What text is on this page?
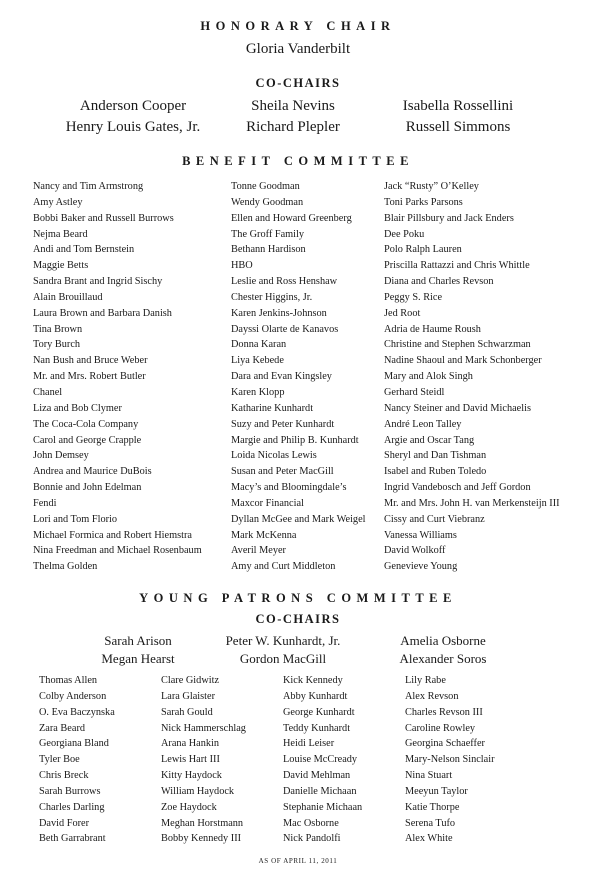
HONORARY CHAIR

Gloria Vanderbilt

CO-CHAIRS
Anderson Cooper	Sheila Nevins	Isabella Rossellini
Henry Louis Gates, Jr.	Richard Plepler	Russell Simmons
BENEFIT COMMITTEE
Nancy and Tim Armstrong
Amy Astley
Bobbi Baker and Russell Burrows
Nejma Beard
Andi and Tom Bernstein
Maggie Betts
Sandra Brant and Ingrid Sischy
Alain Brouillaud
Laura Brown and Barbara Danish
Tina Brown
Tory Burch
Nan Bush and Bruce Weber
Mr. and Mrs. Robert Butler
Chanel
Liza and Bob Clymer
The Coca-Cola Company
Carol and George Crapple
John Demsey
Andrea and Maurice DuBois
Bonnie and John Edelman
Fendi
Lori and Tom Florio
Michael Formica and Robert Hiemstra
Nina Freedman and Michael Rosenbaum
Thelma Golden
Tonne Goodman
Wendy Goodman
Ellen and Howard Greenberg
The Groff Family
Bethann Hardison
HBO
Leslie and Ross Henshaw
Chester Higgins, Jr.
Karen Jenkins-Johnson
Dayssi Olarte de Kanavos
Donna Karan
Liya Kebede
Dara and Evan Kingsley
Karen Klopp
Katharine Kunhardt
Suzy and Peter Kunhardt
Margie and Philip B. Kunhardt
Loida Nicolas Lewis
Susan and Peter MacGill
Macy’s and Bloomingdale’s
Maxcor Financial
Dyllan McGee and Mark Weigel
Mark McKenna
Averil Meyer
Amy and Curt Middleton
Jack “Rusty” O’Kelley
Toni Parks Parsons
Blair Pillsbury and Jack Enders
Dee Poku
Polo Ralph Lauren
Priscilla Rattazzi and Chris Whittle
Diana and Charles Revson
Peggy S. Rice
Jed Root
Adria de Haume Roush
Christine and Stephen Schwarzman
Nadine Shaoul and Mark Schonberger
Mary and Alok Singh
Gerhard Steidl
Nancy Steiner and David Michaelis
André Leon Talley
Argie and Oscar Tang
Sheryl and Dan Tishman
Isabel and Ruben Toledo
Ingrid Vandebosch and Jeff Gordon
Mr. and Mrs. John H. van Merkensteijn III
Cissy and Curt Viebranz
Vanessa Williams
David Wolkoff
Genevieve Young
YOUNG PATRONS COMMITTEE
CO-CHAIRS
Sarah Arison	Peter W. Kunhardt, Jr.	Amelia Osborne
Megan Hearst	Gordon MacGill	Alexander Soros
Thomas Allen
Colby Anderson
O. Eva Baczynska
Zara Beard
Georgiana Bland
Tyler Boe
Chris Breck
Sarah Burrows
Charles Darling
David Forer
Beth Garrabrant
Clare Gidwitz
Lara Glaister
Sarah Gould
Nick Hammerschlag
Arana Hankin
Lewis Hart III
Kitty Haydock
William Haydock
Zoe Haydock
Meghan Horstmann
Bobby Kennedy III
Kick Kennedy
Abby Kunhardt
George Kunhardt
Teddy Kunhardt
Heidi Leiser
Louise McCready
David Mehlman
Danielle Michaan
Stephanie Michaan
Mac Osborne
Nick Pandolfi
Lily Rabe
Alex Revson
Charles Revson III
Caroline Rowley
Georgina Schaeffer
Mary-Nelson Sinclair
Nina Stuart
Meeyun Taylor
Katie Thorpe
Serena Tufo
Alex White

AS OF APRIL 11, 2011
